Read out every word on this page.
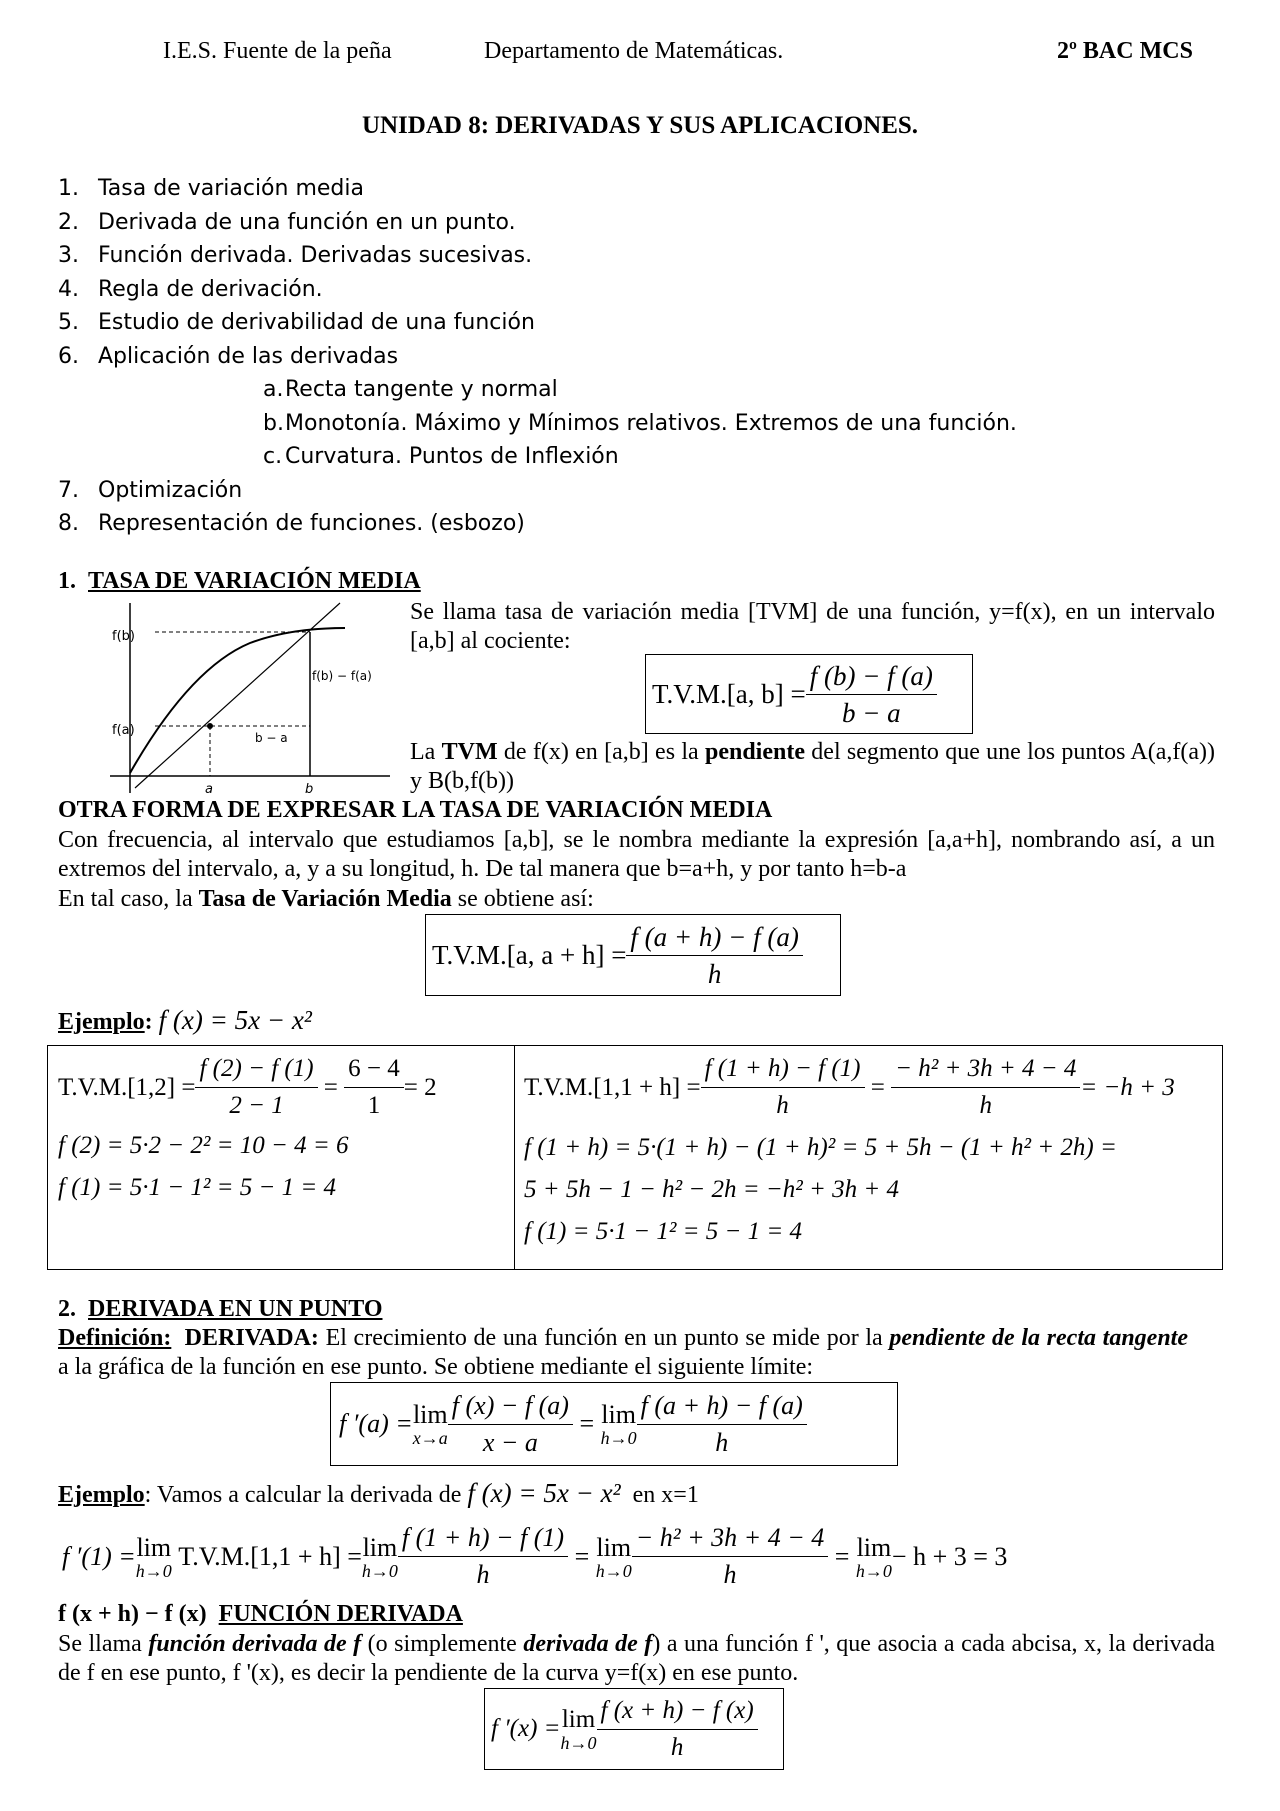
I.E.S. Fuente de la peña	Departamento de Matemáticas.	2º BAC MCS
UNIDAD 8: DERIVADAS Y SUS APLICACIONES.
1. Tasa de variación media
2. Derivada de una función en un punto.
3. Función derivada. Derivadas sucesivas.
4. Regla de derivación.
5. Estudio de derivabilidad de una función
6. Aplicación de las derivadas
a.Recta tangente y normal
b.Monotonía. Máximo y Mínimos relativos. Extremos de una función.
c. Curvatura. Puntos de Inflexión
7. Optimización
8. Representación de funciones. (esbozo)
1. TASA DE VARIACIÓN MEDIA
f(b)
f(a)
f(b) − f(a)
b − a
a	b
Se llama tasa de variación media [TVM] de una función, y=f(x), en un intervalo [a,b] al cociente:
T.V.M.[a, $b] = \frac{f (b) - f (a)}{b - a}$
La TVM de f(x) en [a,b] es la pendiente del segmento que une los puntos A(a,f(a)) y B(b,f(b))
OTRA FORMA DE EXPRESAR LA TASA DE VARIACIÓN MEDIA
Con frecuencia, al intervalo que estudiamos [a,b], se le nombra mediante la expresión [a,a+h], nombrando así, a un extremos del intervalo, a, y a su longitud, h. De tal manera que b=a+h, y por tanto h=b-a
En tal caso, la Tasa de Variación Media se obtiene así:
T.V.M.[a, $a + h] = \frac{f (a + h) - f (a)}{h}$
Ejemplo: f (x) = 5x − x²
$T.V.M.[1,2] = \frac{f (2) - f (1)}{2 - 1} = \frac{6 - 4}{1} = 2$
f (2) = 5·2 − 2² = 10 − 4 = 6
f (1) = 5·1 − 1² = 5 − 1 = 4
$T.V.M.[1,1 + h] = \frac{f (1 + h) - f (1)}{h} = \frac{\text{− h² + 3h + 4 − 4}}{h} = -h + 3$
f (1 + h) = 5·(1 + h) − (1 + h)² = 5 + 5h − (1 + h² + 2h) =
5 + 5h − 1 − h² − 2h = −h² + 3h + 4
f (1) = 5·1 − 1² = 5 − 1 = 4
2. DERIVADA EN UN PUNTO
Definición: DERIVADA: El crecimiento de una función en un punto se mide por la pendiente de la recta tangente a la gráfica de la función en ese punto. Se obtiene mediante el siguiente límite:
f ′(a) = lim
$x\to a \frac{f (x) - f (a)}{x - a} = \lim$
$h\to 0 \frac{f (a + h) - f (a)}{h}$
Ejemplo: Vamos a calcular la derivada de f (x) = 5x − x² en x=1
f ′(1) = lim
h→0
T.V.M.[1,1 + h] = lim
$h\to 0 \frac{f (1 + h) - f (1)}{h} = \lim$
$h\to 0 \frac{\text{− h² + 3h + 4 − 4}}{h} = \lim$
h→0 − h + 3 = 3
f (x + h) − f (x) FUNCIÓN DERIVADA
Se llama función derivada de f (o simplemente derivada de f) a una función f ', que asocia a cada abcisa, x, la derivada de f en ese punto, f '(x), es decir la pendiente de la curva y=f(x) en ese punto.
f ′(x) = lim
$h\to 0 \frac{f (x + h) - f (x)}{h}$
